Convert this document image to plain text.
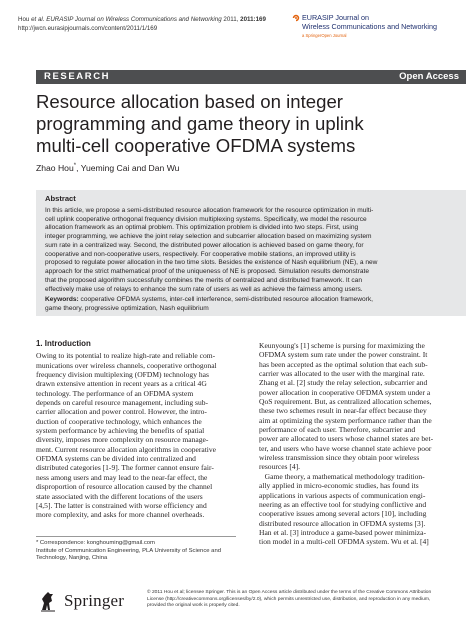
Hou et al. EURASIP Journal on Wireless Communications and Networking 2011, 2011:169
http://jwcn.eurasipjournals.com/content/2011/1/169
EURASIP Journal on
Wireless Communications and Networking
a SpringerOpen Journal
RESEARCH	Open Access
Resource allocation based on integer
programming and game theory in uplink
multi-cell cooperative OFDMA systems
Zhao Hou*, Yueming Cai and Dan Wu
Abstract
In this article, we propose a semi-distributed resource allocation framework for the resource optimization in multi-
cell uplink cooperative orthogonal frequency division multiplexing systems. Specifically, we model the resource
allocation framework as an optimal problem. This optimization problem is divided into two steps. First, using
integer programming, we achieve the joint relay selection and subcarrier allocation based on maximizing system
sum rate in a centralized way. Second, the distributed power allocation is achieved based on game theory, for
cooperative and non-cooperative users, respectively. For cooperative mobile stations, an improved utility is
proposed to regulate power allocation in the two time slots. Besides the existence of Nash equilibrium (NE), a new
approach for the strict mathematical proof of the uniqueness of NE is proposed. Simulation results demonstrate
that the proposed algorithm successfully combines the merits of centralized and distributed framework. It can
effectively make use of relays to enhance the sum rate of users as well as achieve the fairness among users.
Keywords: cooperative OFDMA systems, inter-cell interference, semi-distributed resource allocation framework,
game theory, progressive optimization, Nash equilibrium
1. Introduction
Owing to its potential to realize high-rate and reliable com-
munications over wireless channels, cooperative orthogonal
frequency division multiplexing (OFDM) technology has
drawn extensive attention in recent years as a critical 4G
technology. The performance of an OFDMA system
depends on careful resource management, including sub-
carrier allocation and power control. However, the intro-
duction of cooperative technology, which enhances the
system performance by achieving the benefits of spatial
diversity, imposes more complexity on resource manage-
ment. Current resource allocation algorithms in cooperative
OFDMA systems can be divided into centralized and
distributed categories [1-9]. The former cannot ensure fair-
ness among users and may lead to the near-far effect, the
disproportion of resource allocation caused by the channel
state associated with the different locations of the users
[4,5]. The latter is constrained with worse efficiency and
more complexity, and asks for more channel overheads.
Keunyoung's [1] scheme is pursing for maximizing the
OFDMA system sum rate under the power constraint. It
has been accepted as the optimal solution that each sub-
carrier was allocated to the user with the marginal rate.
Zhang et al. [2] study the relay selection, subcarrier and
power allocation in cooperative OFDMA system under a
QoS requirement. But, as centralized allocation schemes,
these two schemes result in near-far effect because they
aim at optimizing the system performance rather than the
performance of each user. Therefore, subcarrier and
power are allocated to users whose channel states are bet-
ter, and users who have worse channel state achieve poor
wireless transmission since they obtain poor wireless
resources [4].
Game theory, a mathematical methodology tradition-
ally applied in micro-economic studies, has found its
applications in various aspects of communication engi-
neering as an effective tool for studying conflictive and
cooperative issues among several actors [10], including
distributed resource allocation in OFDMA systems [3].
Han et al. [3] introduce a game-based power minimiza-
tion model in a multi-cell OFDMA system. Wu et al. [4]
* Correspondence: konghouming@gmail.com
Institute of Communication Engineering, PLA University of Science and
Technology, Nanjing, China
Springer	© 2011 Hou et al; licensee Springer. This is an Open Access article distributed under the terms of the Creative Commons Attribution
License (http://creativecommons.org/licenses/by/2.0), which permits unrestricted use, distribution, and reproduction in any medium,
provided the original work is properly cited.
